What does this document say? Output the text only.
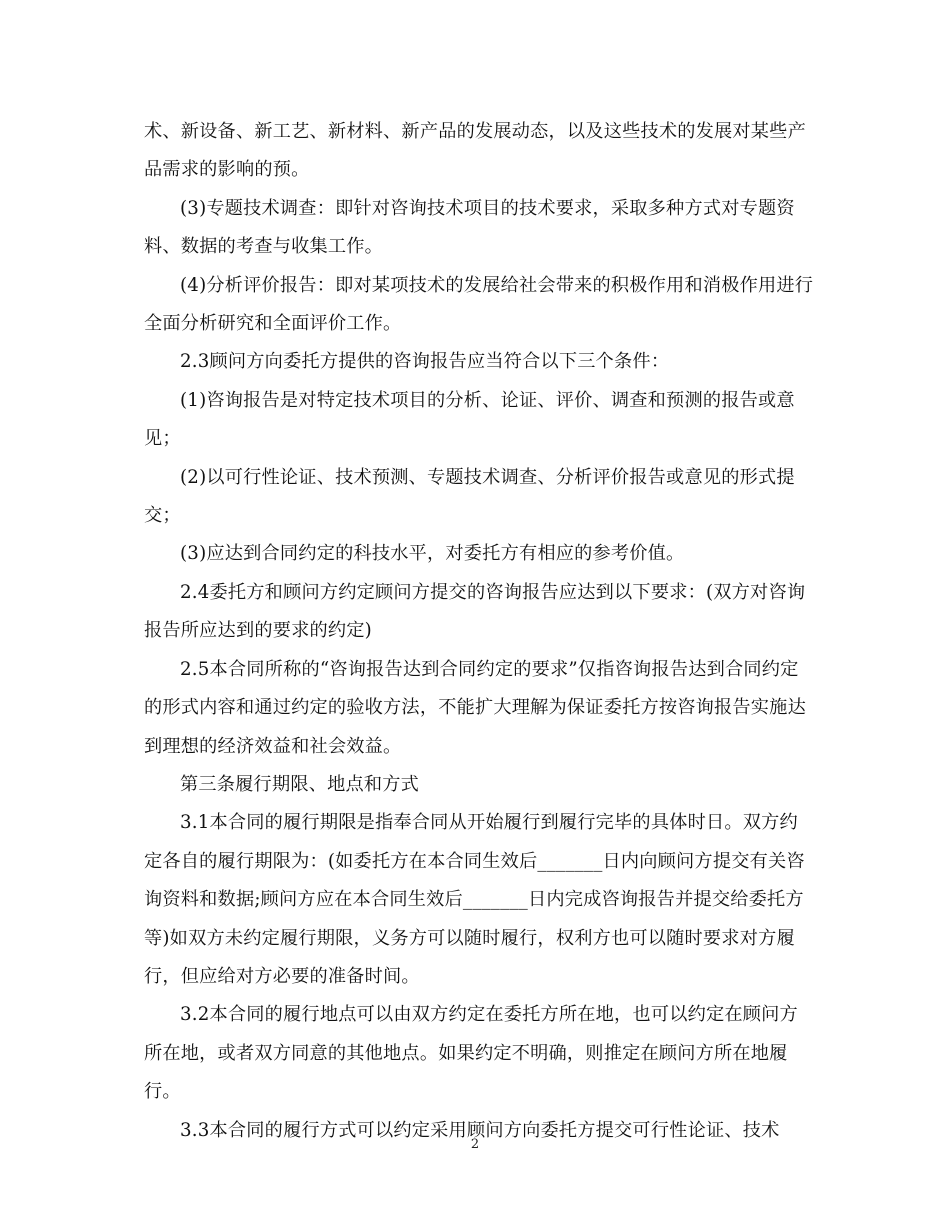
术、新设备、新工艺、新材料、新产品的发展动态，以及这些技术的发展对某些产品需求的影响的预。

(3)专题技术调查：即针对咨询技术项目的技术要求，采取多种方式对专题资料、数据的考查与收集工作。

(4)分析评价报告：即对某项技术的发展给社会带来的积极作用和消极作用进行全面分析研究和全面评价工作。

2.3顾问方向委托方提供的咨询报告应当符合以下三个条件：

(1)咨询报告是对特定技术项目的分析、论证、评价、调查和预测的报告或意见；

(2)以可行性论证、技术预测、专题技术调查、分析评价报告或意见的形式提交；

(3)应达到合同约定的科技水平，对委托方有相应的参考价值。

2.4委托方和顾问方约定顾问方提交的咨询报告应达到以下要求：(双方对咨询报告所应达到的要求的约定)

2.5本合同所称的“咨询报告达到合同约定的要求”仅指咨询报告达到合同约定的形式内容和通过约定的验收方法，不能扩大理解为保证委托方按咨询报告实施达到理想的经济效益和社会效益。

第三条履行期限、地点和方式

3.1本合同的履行期限是指奉合同从开始履行到履行完毕的具体时日。双方约定各自的履行期限为：(如委托方在本合同生效后_______日内向顾问方提交有关咨询资料和数据;顾问方应在本合同生效后_______日内完成咨询报告并提交给委托方等)如双方未约定履行期限，义务方可以随时履行，权利方也可以随时要求对方履行，但应给对方必要的准备时间。

3.2本合同的履行地点可以由双方约定在委托方所在地，也可以约定在顾问方所在地，或者双方同意的其他地点。如果约定不明确，则推定在顾问方所在地履行。

3.3本合同的履行方式可以约定采用顾问方向委托方提交可行性论证、技术

2
